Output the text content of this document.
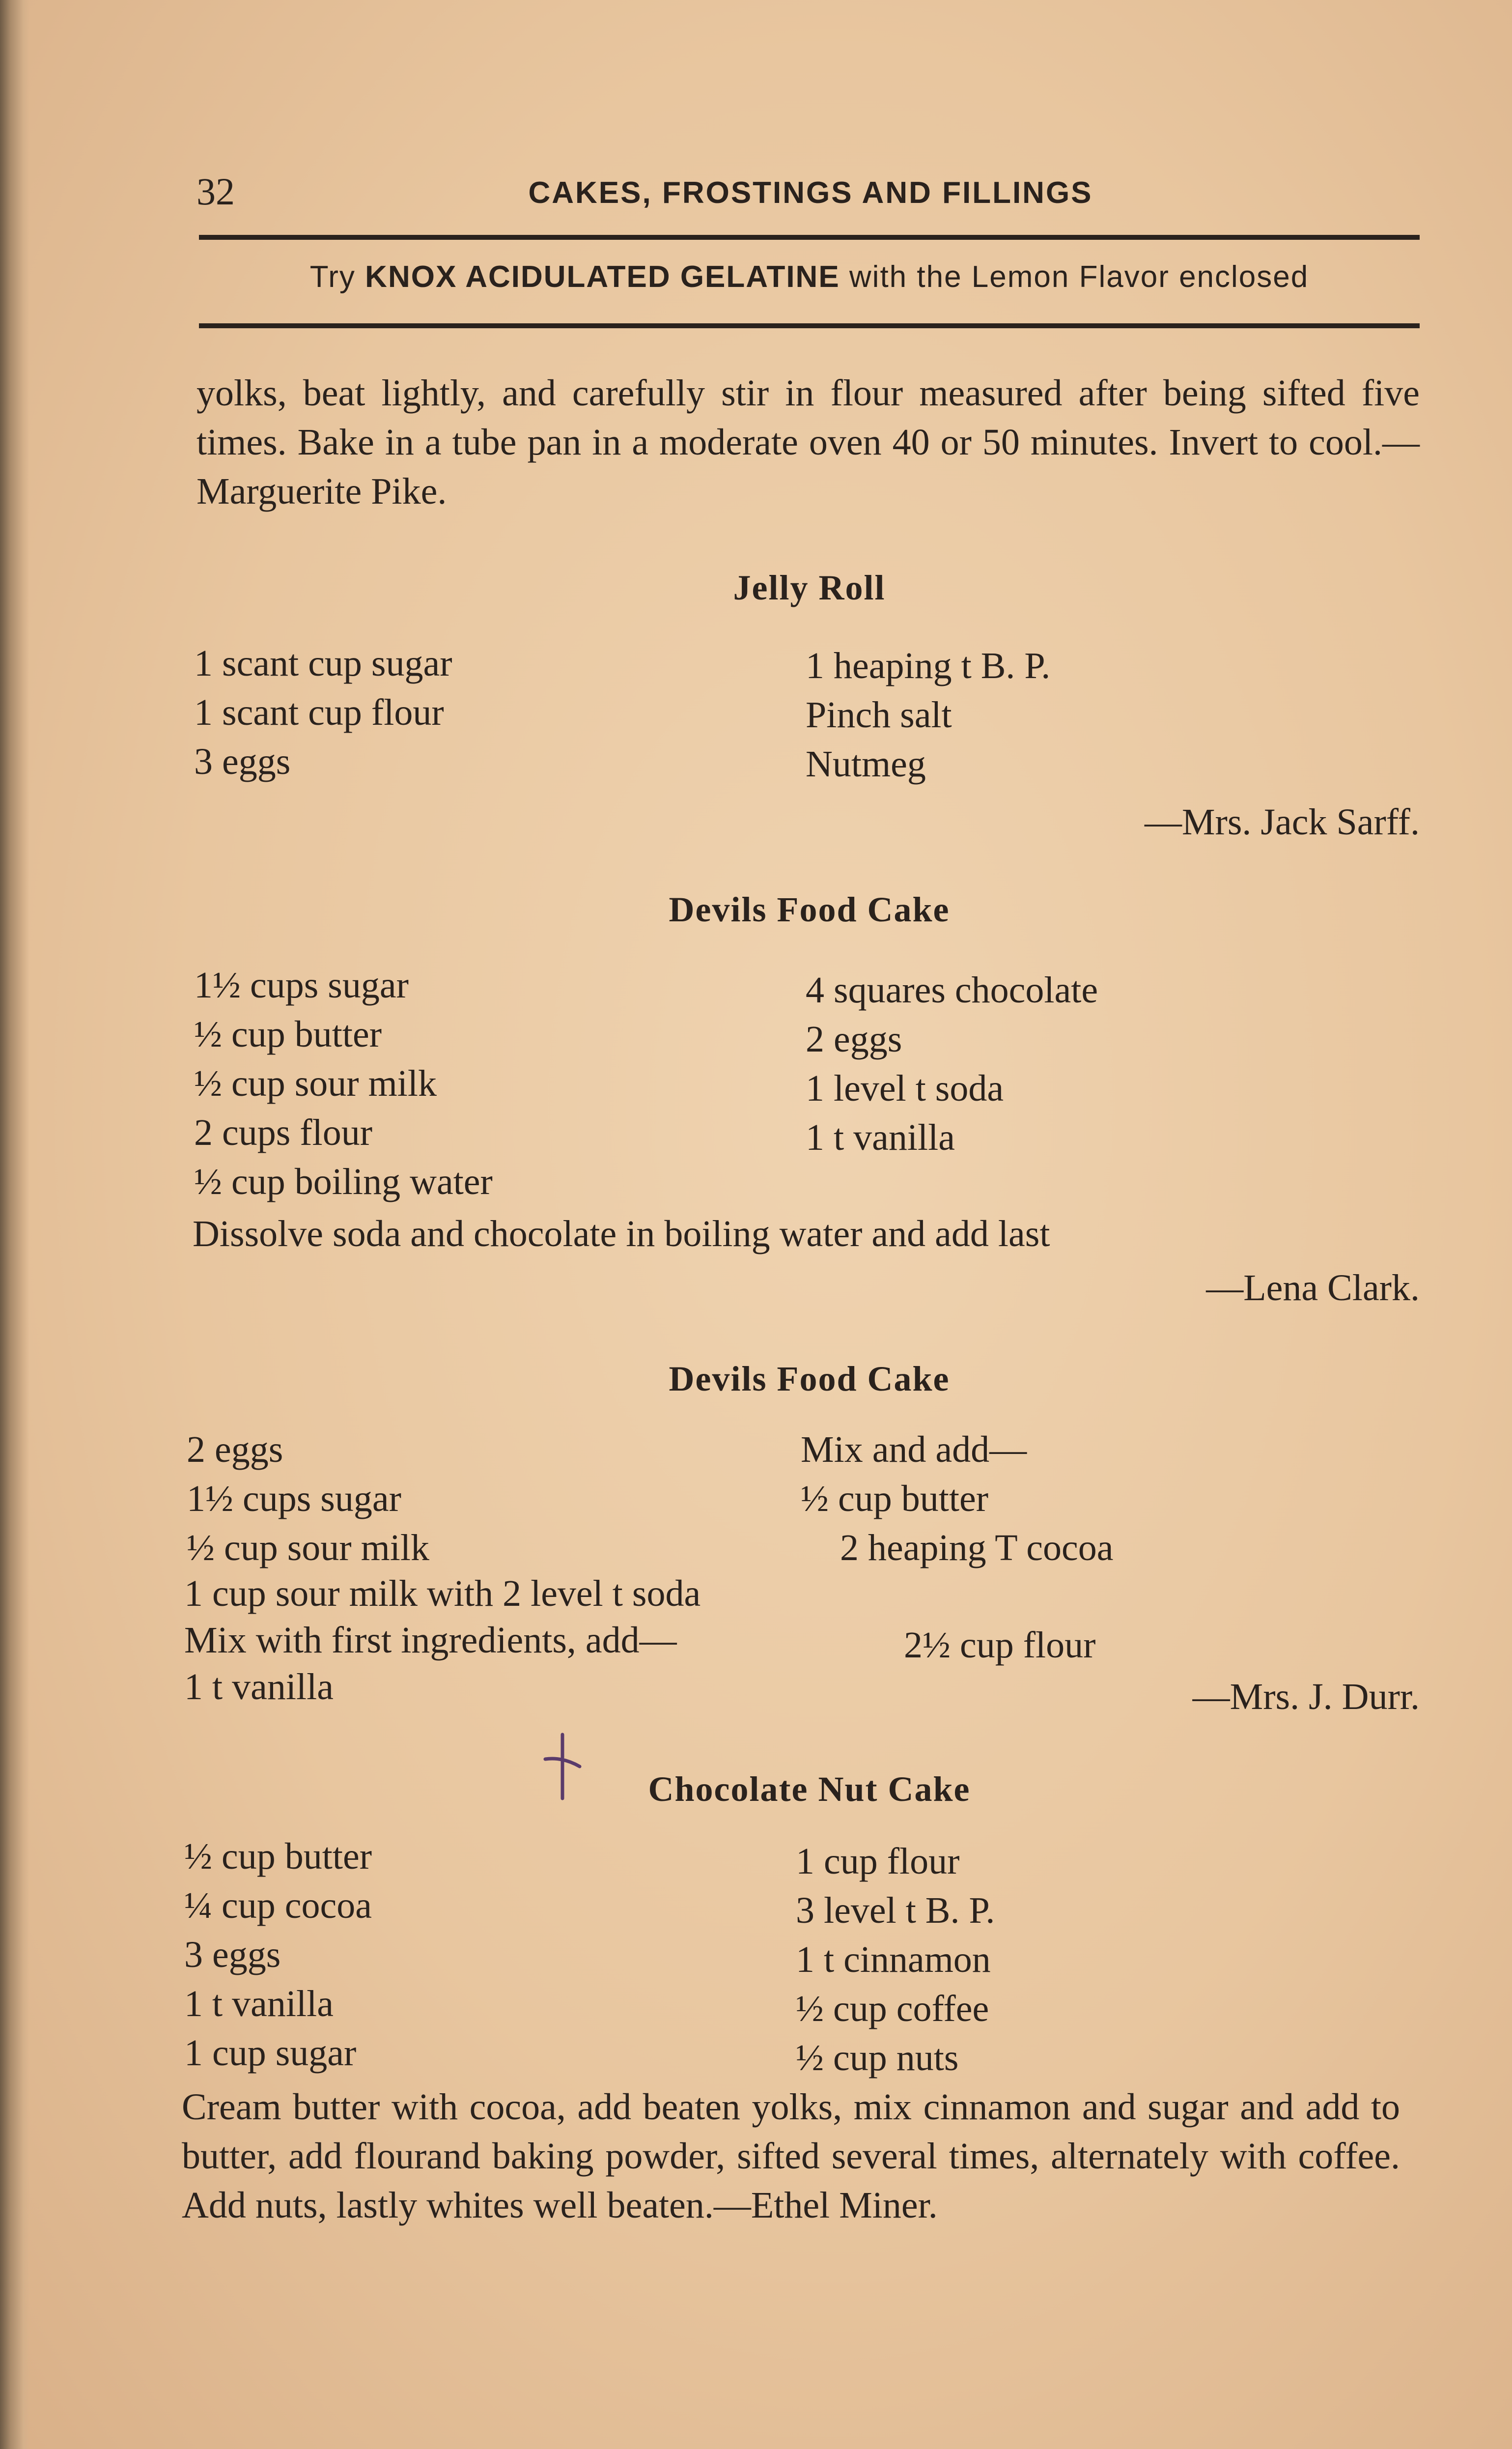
32	CAKES, FROSTINGS AND FILLINGS
Try KNOX ACIDULATED GELATINE with the Lemon Flavor enclosed

yolks, beat lightly, and carefully stir in flour measured after being sifted five times. Bake in a tube pan in a moderate oven 40 or 50 minutes. Invert to cool.—Marguerite Pike.

Jelly Roll
1 scant cup sugar
1 scant cup flour
3 eggs
1 heaping t B. P.
Pinch salt
Nutmeg
—Mrs. Jack Sarff.
Devils Food Cake
1½ cups sugar
½ cup butter
½ cup sour milk
2 cups flour
½ cup boiling water
4 squares chocolate
2 eggs
1 level t soda
1 t vanilla
Dissolve soda and chocolate in boiling water and add last
—Lena Clark.
Devils Food Cake
2 eggs
1½ cups sugar
½ cup sour milk
Mix and add—
½ cup butter
2 heaping T cocoa
1 cup sour milk with 2 level t soda
Mix with first ingredients, add—	2½ cup flour
1 t vanilla	—Mrs. J. Durr.
Chocolate Nut Cake
½ cup butter
¼ cup cocoa
3 eggs
1 t vanilla
1 cup sugar
1 cup flour
3 level t B. P.
1 t cinnamon
½ cup coffee
½ cup nuts

Cream butter with cocoa, add beaten yolks, mix cinnamon and sugar and add to butter, add flourand baking powder, sifted several times, alternately with coffee. Add nuts, lastly whites well beaten.—Ethel Miner.
